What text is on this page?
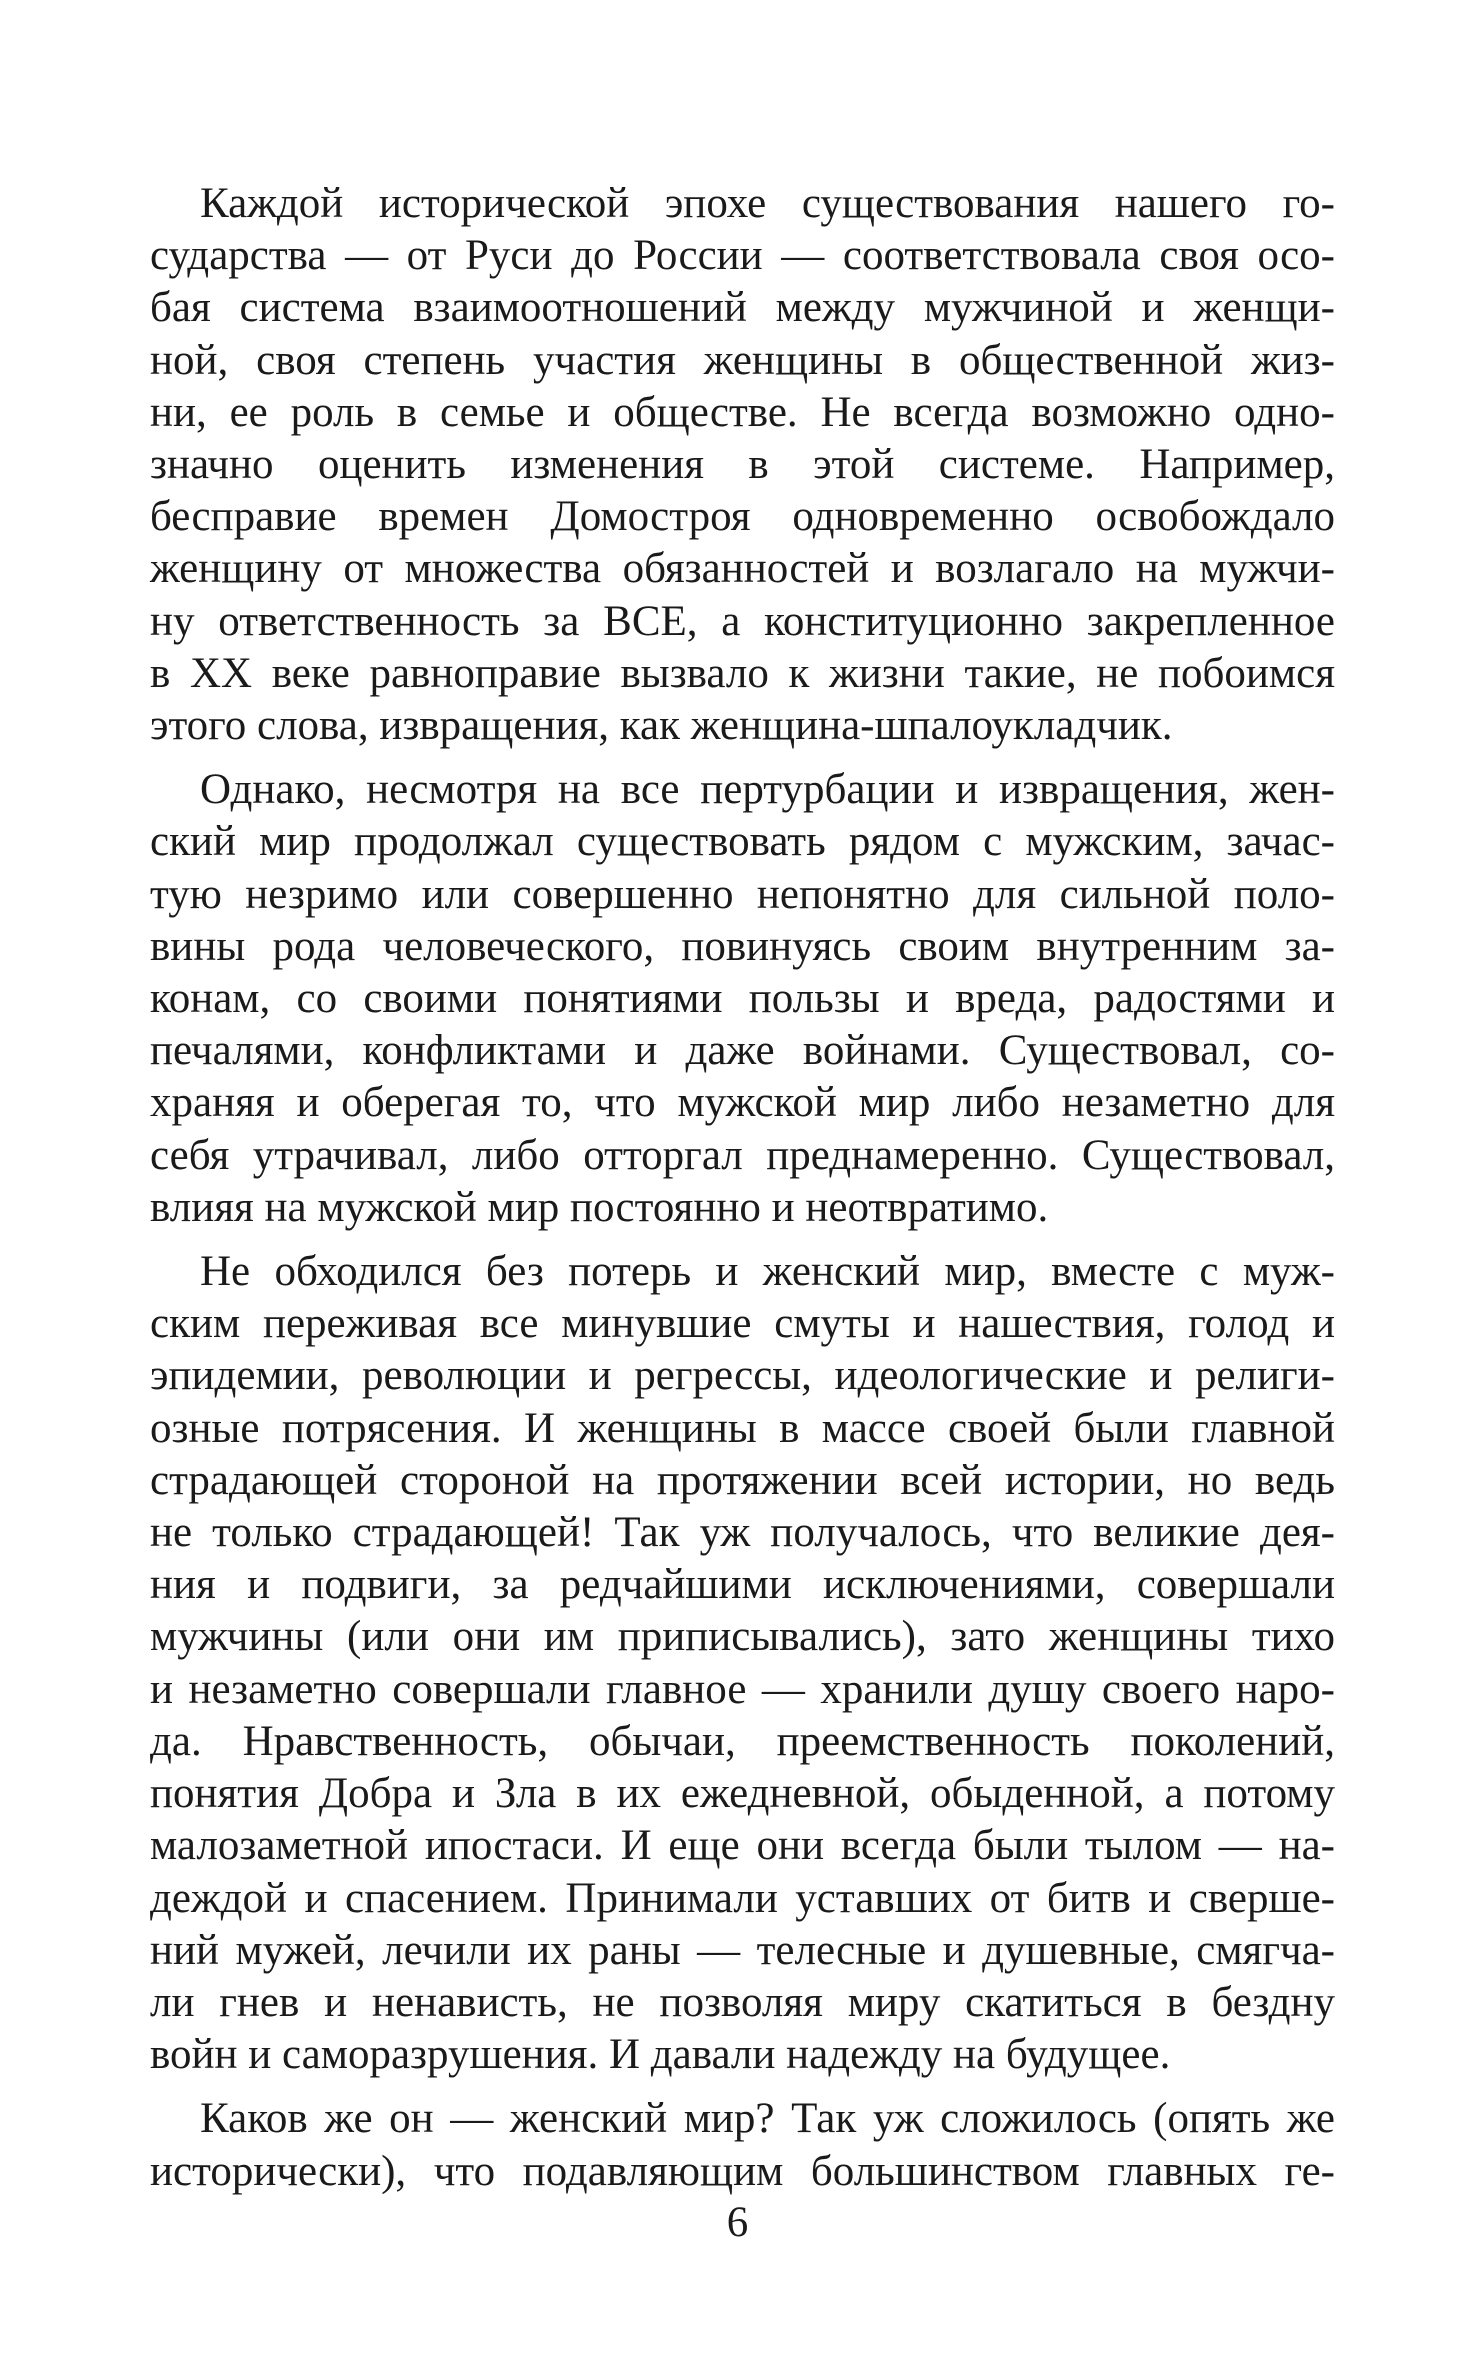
Каждой исторической эпохе существования нашего го-
сударства — от Руси до России — соответствовала своя осо-
бая система взаимоотношений между мужчиной и женщи-
ной, своя степень участия женщины в общественной жиз-
ни, ее роль в семье и обществе. Не всегда возможно одно-
значно оценить изменения в этой системе. Например,
бесправие времен Домостроя одновременно освобождало
женщину от множества обязанностей и возлагало на мужчи-
ну ответственность за ВСЕ, а конституционно закрепленное
в XX веке равноправие вызвало к жизни такие, не побоимся
этого слова, извращения, как женщина-шпалоукладчик.
Однако, несмотря на все пертурбации и извращения, жен-
ский мир продолжал существовать рядом с мужским, зачас-
тую незримо или совершенно непонятно для сильной поло-
вины рода человеческого, повинуясь своим внутренним за-
конам, со своими понятиями пользы и вреда, радостями и
печалями, конфликтами и даже войнами. Существовал, со-
храняя и оберегая то, что мужской мир либо незаметно для
себя утрачивал, либо отторгал преднамеренно. Существовал,
влияя на мужской мир постоянно и неотвратимо.
Не обходился без потерь и женский мир, вместе с муж-
ским переживая все минувшие смуты и нашествия, голод и
эпидемии, революции и регрессы, идеологические и религи-
озные потрясения. И женщины в массе своей были главной
страдающей стороной на протяжении всей истории, но ведь
не только страдающей! Так уж получалось, что великие дея-
ния и подвиги, за редчайшими исключениями, совершали
мужчины (или они им приписывались), зато женщины тихо
и незаметно совершали главное — хранили душу своего наро-
да. Нравственность, обычаи, преемственность поколений,
понятия Добра и Зла в их ежедневной, обыденной, а потому
малозаметной ипостаси. И еще они всегда были тылом — на-
деждой и спасением. Принимали уставших от битв и сверше-
ний мужей, лечили их раны — телесные и душевные, смягча-
ли гнев и ненависть, не позволяя миру скатиться в бездну
войн и саморазрушения. И давали надежду на будущее.
Каков же он — женский мир? Так уж сложилось (опять же
исторически), что подавляющим большинством главных ге-
6
